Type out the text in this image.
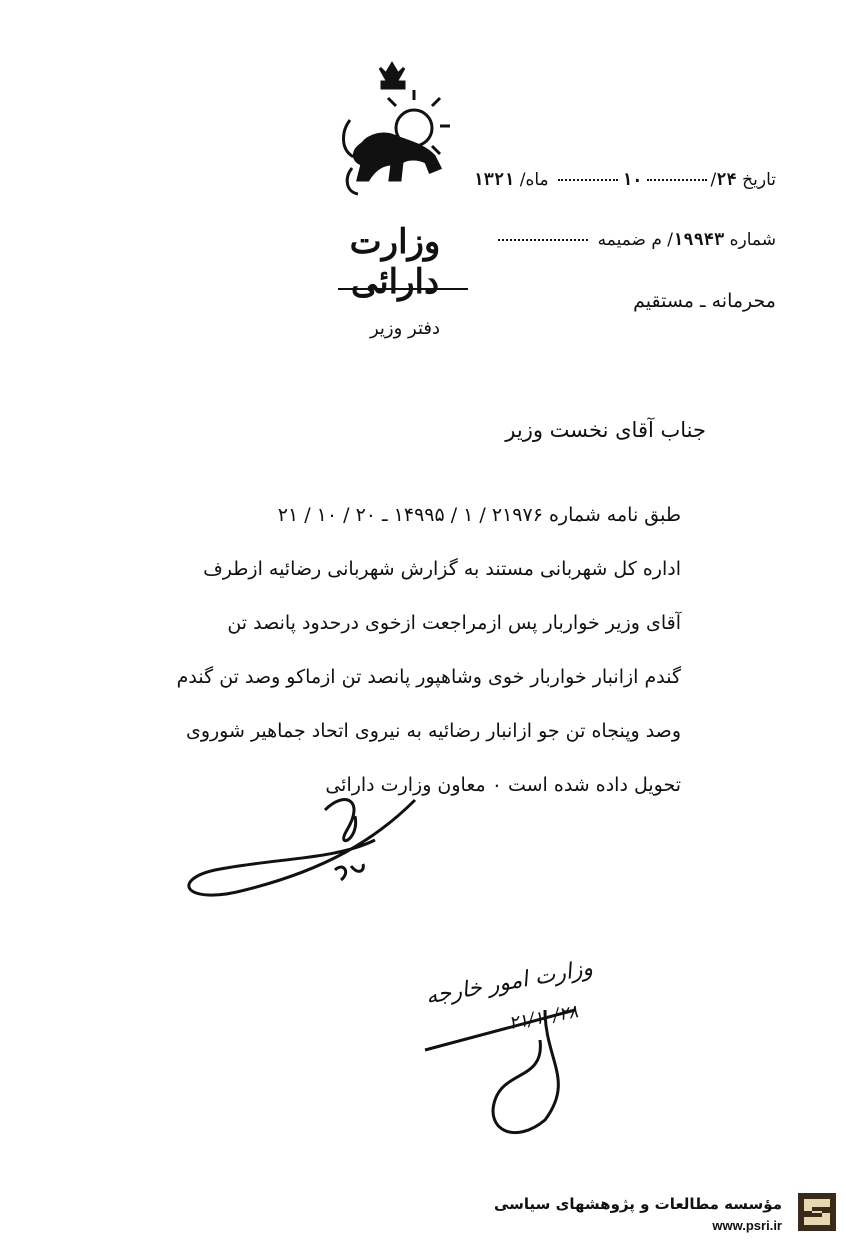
وزارت دارائی
دفتر وزیر
تاریخ ۲۴/۱۰ ماه/ ۱۳۲۱
شماره ۱۹۹۴۳/ م ضمیمه
محرمانه ـ مستقیم
جناب آقای نخست وزیر

طبق نامه شماره ۲۱۹۷۶ / ۱ / ۱۴۹۹۵ ـ ۲۰ / ۱۰ / ۲۱

اداره کل شهربانی مستند به گزارش شهربانی رضائیه ازطرف

آقای وزیر خواربار پس ازمراجعت ازخوی درحدود پانصد تن

گندم ازانبار خواربار خوی وشاهپور پانصد تن ازماکو وصد تن گندم

وصد وپنجاه تن جو ازانبار رضائیه به نیروی اتحاد جماهیر شوروی

تحویل داده شده است ۰ معاون وزارت دارائی

وزارت امور خارجه
۲۱/۱۰/۲۸
مؤسسه مطالعات و پژوهشهای سیاسی
www.psri.ir
